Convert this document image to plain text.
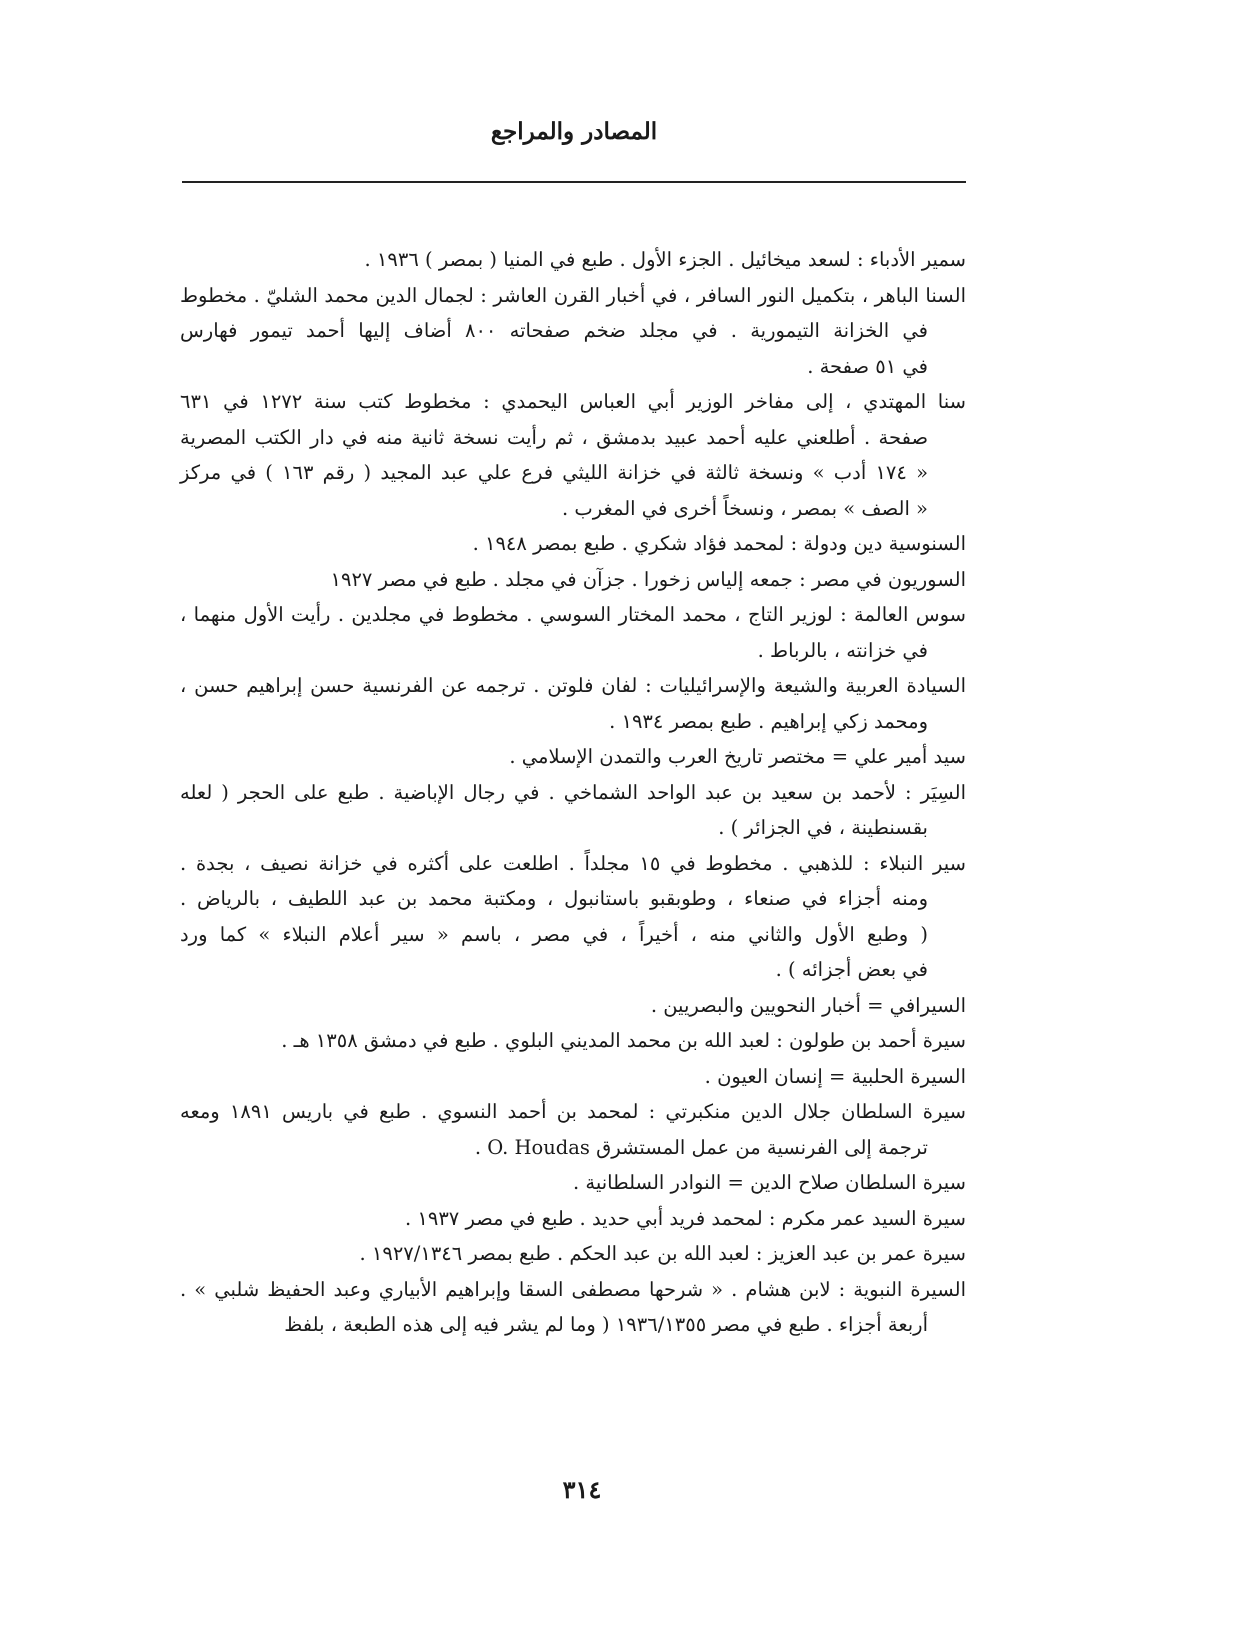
المصادر والمراجع
سمير الأدباء : لسعد ميخائيل . الجزء الأول . طبع في المنيا ( بمصر ) ١٩٣٦ .
السنا الباهر ، بتكميل النور السافر ، في أخبار القرن العاشر : لجمال الدين محمد الشليّ . مخطوط
في الخزانة التيمورية . في مجلد ضخم صفحاته ٨٠٠ أضاف إليها أحمد تيمور فهارس
في ٥١ صفحة .
سنا المهتدي ، إلى مفاخر الوزير أبي العباس اليحمدي : مخطوط كتب سنة ١٢٧٢ في ٦٣١
صفحة . أطلعني عليه أحمد عبيد بدمشق ، ثم رأيت نسخة ثانية منه في دار الكتب المصرية
« ١٧٤ أدب » ونسخة ثالثة في خزانة الليثي فرع علي عبد المجيد ( رقم ١٦٣ ) في مركز
« الصف » بمصر ، ونسخاً أخرى في المغرب .
السنوسية دين ودولة : لمحمد فؤاد شكري . طبع بمصر ١٩٤٨ .
السوريون في مصر : جمعه إلياس زخورا . جزآن في مجلد . طبع في مصر ١٩٢٧
سوس العالمة : لوزير التاج ، محمد المختار السوسي . مخطوط في مجلدين . رأيت الأول منهما ،
في خزانته ، بالرباط .
السيادة العربية والشيعة والإسرائيليات : لفان فلوتن . ترجمه عن الفرنسية حسن إبراهيم حسن ،
ومحمد زكي إبراهيم . طبع بمصر ١٩٣٤ .
سيد أمير علي = مختصر تاريخ العرب والتمدن الإسلامي .
السِيَر : لأحمد بن سعيد بن عبد الواحد الشماخي . في رجال الإباضية . طبع على الحجر ( لعله
بقسنطينة ، في الجزائر ) .
سير النبلاء : للذهبي . مخطوط في ١٥ مجلداً . اطلعت على أكثره في خزانة نصيف ، بجدة .
ومنه أجزاء في صنعاء ، وطوبقبو باستانبول ، ومكتبة محمد بن عبد اللطيف ، بالرياض .
( وطبع الأول والثاني منه ، أخيراً ، في مصر ، باسم « سير أعلام النبلاء » كما ورد
في بعض أجزائه ) .
السيرافي = أخبار النحويين والبصريين .
سيرة أحمد بن طولون : لعبد الله بن محمد المديني البلوي . طبع في دمشق ١٣٥٨ هـ .
السيرة الحلبية = إنسان العيون .
سيرة السلطان جلال الدين منكبرتي : لمحمد بن أحمد النسوي . طبع في باريس ١٨٩١ ومعه
ترجمة إلى الفرنسية من عمل المستشرق O. Houdas .
سيرة السلطان صلاح الدين = النوادر السلطانية .
سيرة السيد عمر مكرم : لمحمد فريد أبي حديد . طبع في مصر ١٩٣٧ .
سيرة عمر بن عبد العزيز : لعبد الله بن عبد الحكم . طبع بمصر ١٩٢٧/١٣٤٦ .
السيرة النبوية : لابن هشام . « شرحها مصطفى السقا وإبراهيم الأبياري وعبد الحفيظ شلبي » .
أربعة أجزاء . طبع في مصر ١٩٣٦/١٣٥٥ ( وما لم يشر فيه إلى هذه الطبعة ، بلفظ
٣١٤
